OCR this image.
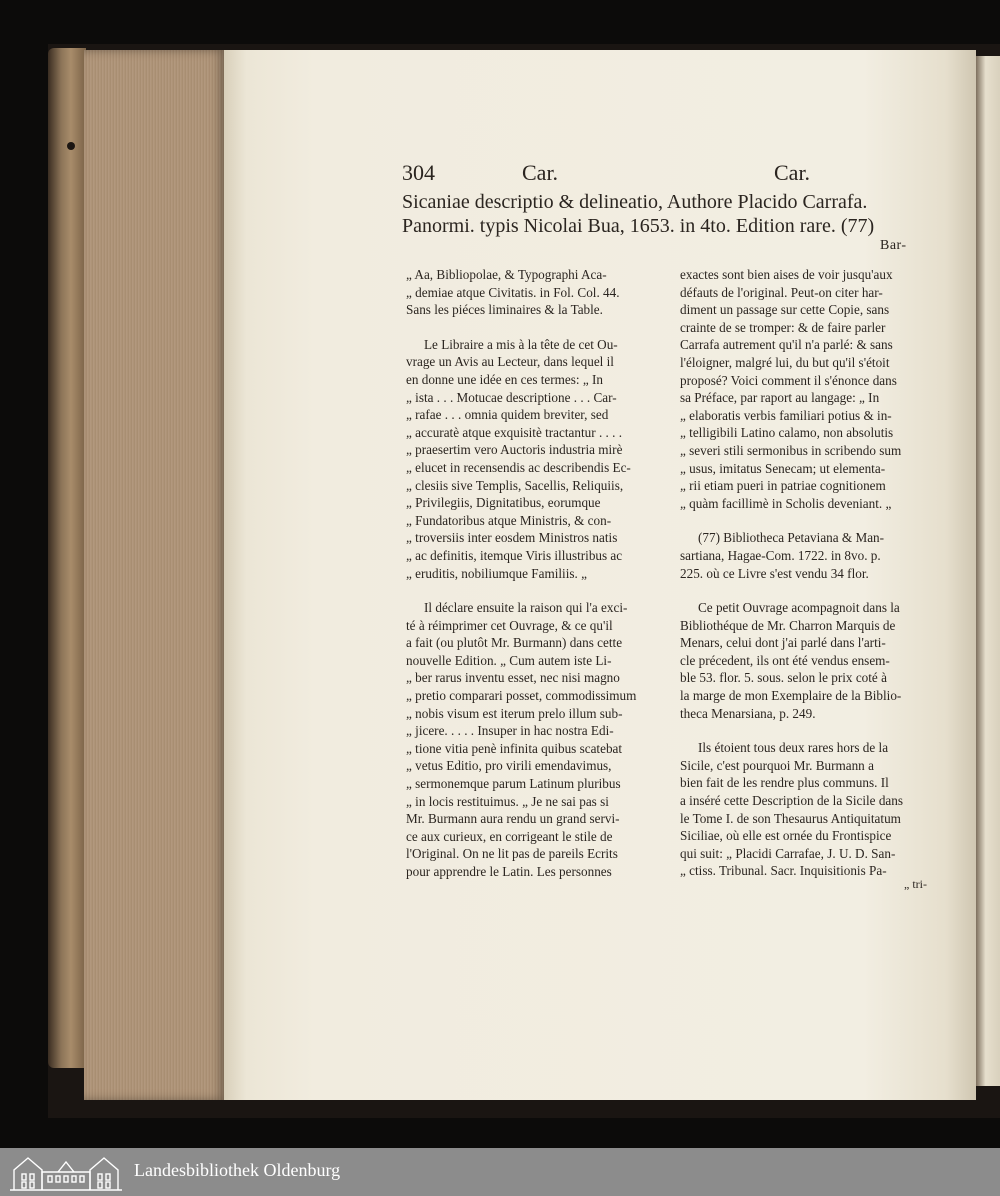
304	Car.	Car.
Sicaniae descriptio & delineatio, Authore Placido Carrafa.
Panormi. typis Nicolai Bua, 1653. in 4to. Edition rare. (77)
Bar-
„ Aa, Bibliopolae, & Typographi Aca-
„ demiae atque Civitatis. in Fol. Col. 44.
Sans les piéces liminaires & la Table.
Le Libraire a mis à la tête de cet Ou-
vrage un Avis au Lecteur, dans lequel il
en donne une idée en ces termes: „ In
„ ista . . . Motucae descriptione . . . Car-
„ rafae . . . omnia quidem breviter, sed
„ accuratè atque exquisitè tractantur . . . .
„ praesertim vero Auctoris industria mirè
„ elucet in recensendis ac describendis Ec-
„ clesiis sive Templis, Sacellis, Reliquiis,
„ Privilegiis, Dignitatibus, eorumque
„ Fundatoribus atque Ministris, & con-
„ troversiis inter eosdem Ministros natis
„ ac definitis, itemque Viris illustribus ac
„ eruditis, nobiliumque Familiis. „
Il déclare ensuite la raison qui l'a exci-
té à réimprimer cet Ouvrage, & ce qu'il
a fait (ou plutôt Mr. Burmann) dans cette
nouvelle Edition. „ Cum autem iste Li-
„ ber rarus inventu esset, nec nisi magno
„ pretio comparari posset, commodissimum
„ nobis visum est iterum prelo illum sub-
„ jicere. . . . . Insuper in hac nostra Edi-
„ tione vitia penè infinita quibus scatebat
„ vetus Editio, pro virili emendavimus,
„ sermonemque parum Latinum pluribus
„ in locis restituimus. „ Je ne sai pas si
Mr. Burmann aura rendu un grand servi-
ce aux curieux, en corrigeant le stile de
l'Original. On ne lit pas de pareils Ecrits
pour apprendre le Latin. Les personnes
exactes sont bien aises de voir jusqu'aux
défauts de l'original. Peut-on citer har-
diment un passage sur cette Copie, sans
crainte de se tromper: & de faire parler
Carrafa autrement qu'il n'a parlé: & sans
l'éloigner, malgré lui, du but qu'il s'étoit
proposé? Voici comment il s'énonce dans
sa Préface, par raport au langage: „ In
„ elaboratis verbis familiari potius & in-
„ telligibili Latino calamo, non absolutis
„ severi stili sermonibus in scribendo sum
„ usus, imitatus Senecam; ut elementa-
„ rii etiam pueri in patriae cognitionem
„ quàm facillimè in Scholis deveniant. „
(77) Bibliotheca Petaviana & Man-
sartiana, Hagae-Com. 1722. in 8vo. p.
225. où ce Livre s'est vendu 34 flor.
Ce petit Ouvrage acompagnoit dans la
Bibliothéque de Mr. Charron Marquis de
Menars, celui dont j'ai parlé dans l'arti-
cle précedent, ils ont été vendus ensem-
ble 53. flor. 5. sous. selon le prix coté à
la marge de mon Exemplaire de la Biblio-
theca Menarsiana, p. 249.
Ils étoient tous deux rares hors de la
Sicile, c'est pourquoi Mr. Burmann a
bien fait de les rendre plus communs. Il
a inséré cette Description de la Sicile dans
le Tome I. de son Thesaurus Antiquitatum
Siciliae, où elle est ornée du Frontispice
qui suit: „ Placidi Carrafae, J. U. D. San-
„ ctiss. Tribunal. Sacr. Inquisitionis Pa-
„ tri-
Landesbibliothek Oldenburg
